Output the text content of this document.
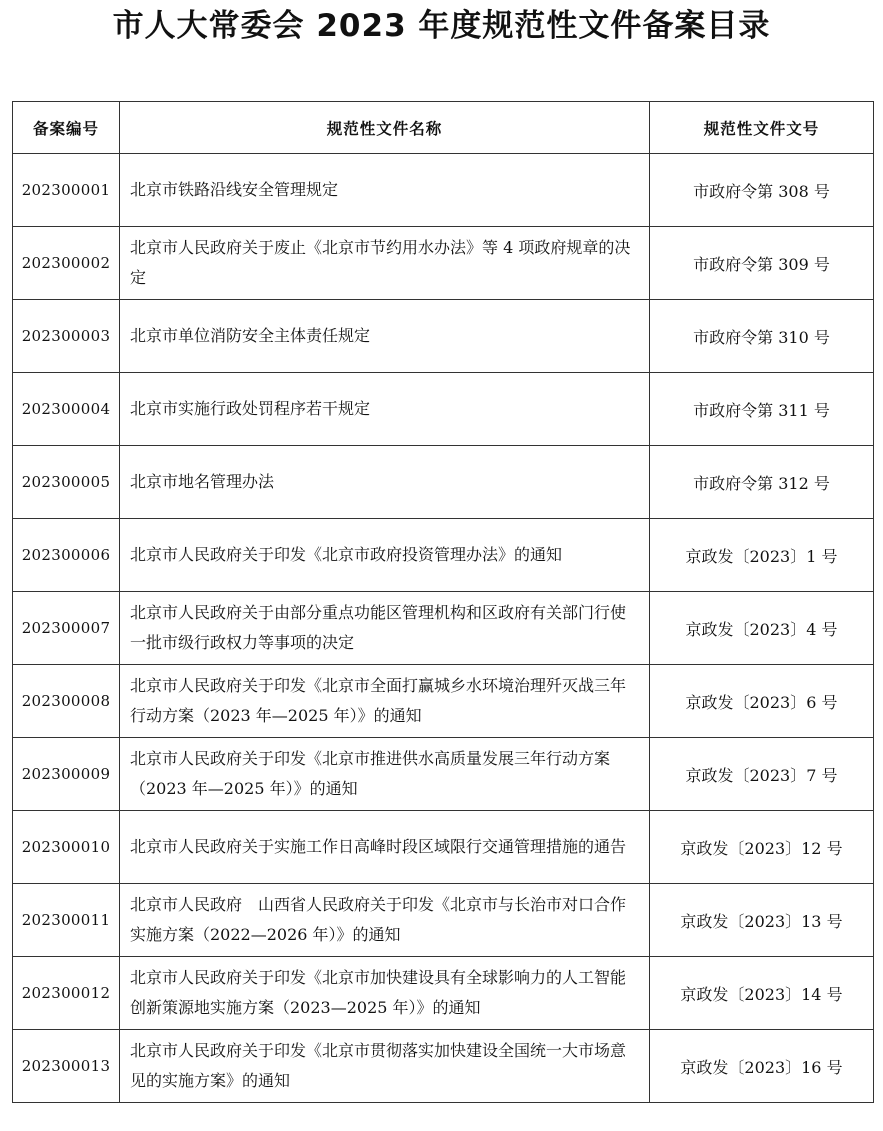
市人大常委会 2023 年度规范性文件备案目录
备案编号	规范性文件名称	规范性文件文号
202300001	北京市铁路沿线安全管理规定	市政府令第 308 号
202300002	北京市人民政府关于废止《北京市节约用水办法》等 4 项政府规章的决定	市政府令第 309 号
202300003	北京市单位消防安全主体责任规定	市政府令第 310 号
202300004	北京市实施行政处罚程序若干规定	市政府令第 311 号
202300005	北京市地名管理办法	市政府令第 312 号
202300006	北京市人民政府关于印发《北京市政府投资管理办法》的通知	京政发〔2023〕1 号
202300007	北京市人民政府关于由部分重点功能区管理机构和区政府有关部门行使一批市级行政权力等事项的决定	京政发〔2023〕4 号
202300008	北京市人民政府关于印发《北京市全面打赢城乡水环境治理歼灭战三年行动方案（2023 年—2025 年）》的通知	京政发〔2023〕6 号
202300009	北京市人民政府关于印发《北京市推进供水高质量发展三年行动方案（2023 年—2025 年）》的通知	京政发〔2023〕7 号
202300010	北京市人民政府关于实施工作日高峰时段区域限行交通管理措施的通告	京政发〔2023〕12 号
202300011	北京市人民政府　山西省人民政府关于印发《北京市与长治市对口合作实施方案（2022—2026 年）》的通知	京政发〔2023〕13 号
202300012	北京市人民政府关于印发《北京市加快建设具有全球影响力的人工智能创新策源地实施方案（2023—2025 年）》的通知	京政发〔2023〕14 号
202300013	北京市人民政府关于印发《北京市贯彻落实加快建设全国统一大市场意见的实施方案》的通知	京政发〔2023〕16 号
